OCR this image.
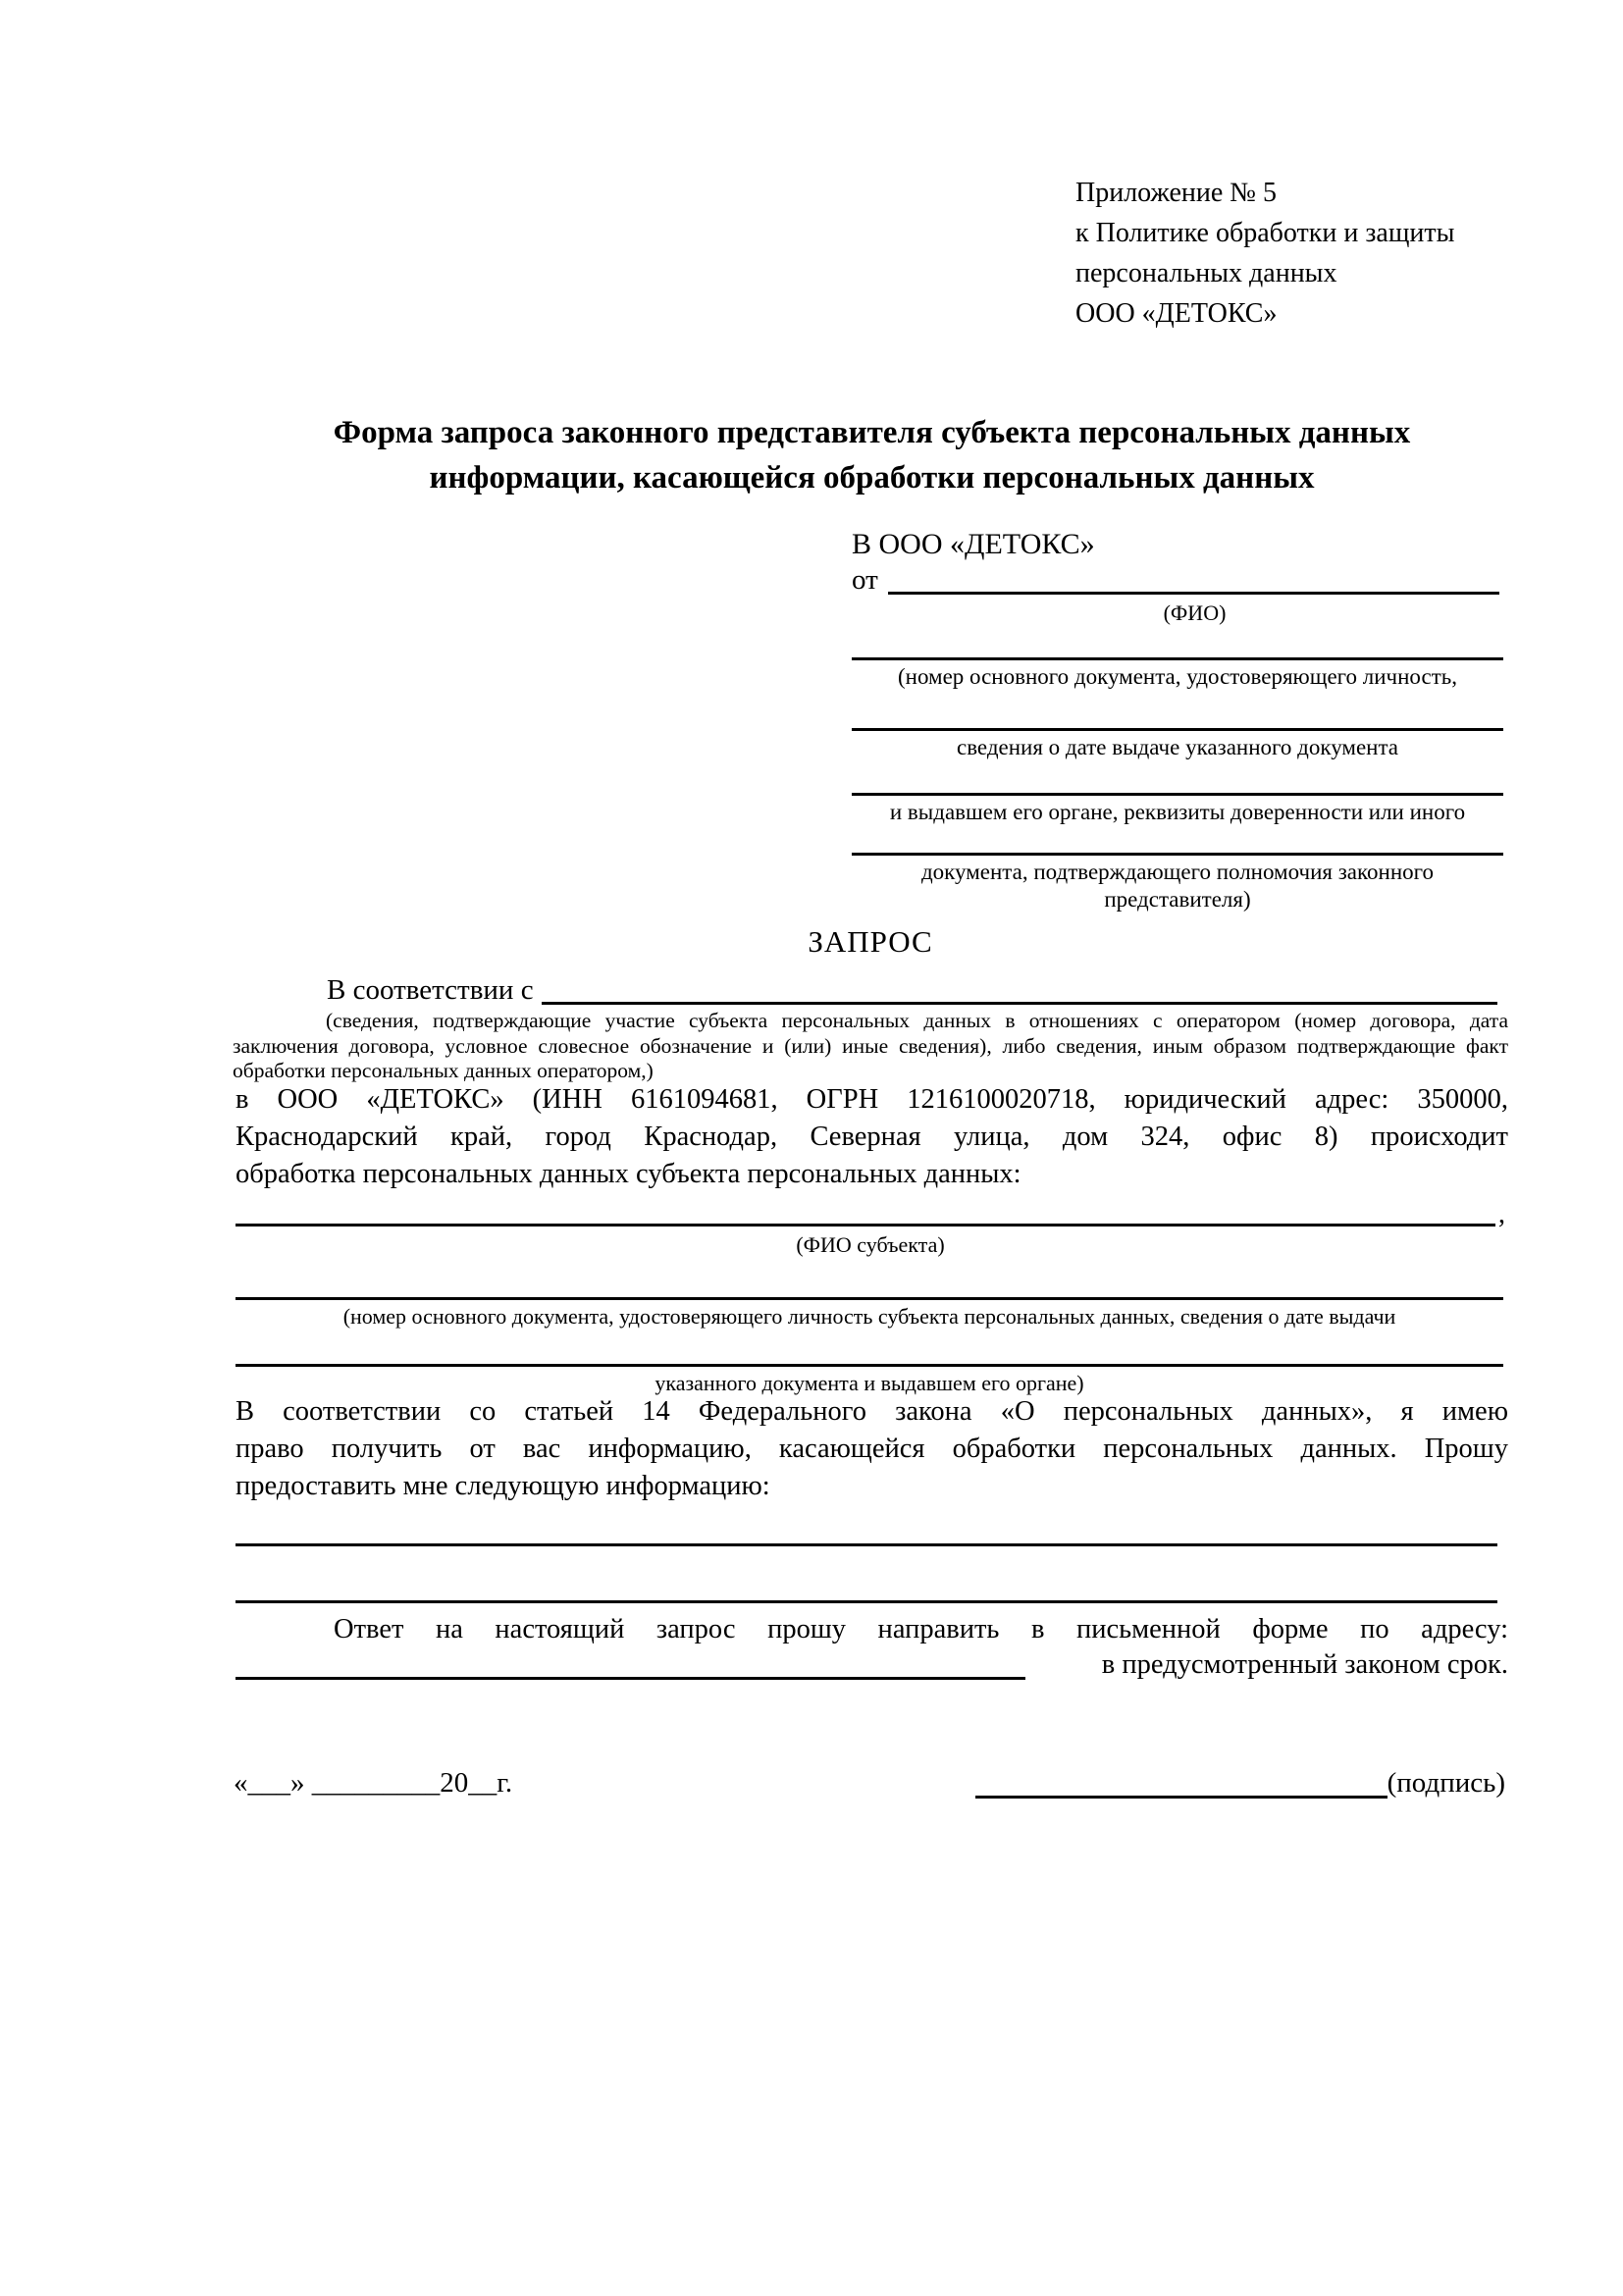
Приложение № 5
к Политике обработки и защиты
персональных данных
ООО «ДЕТОКС»
Форма запроса законного представителя субъекта персональных данных
информации, касающейся обработки персональных данных
В ООО «ДЕТОКС»
от
(ФИО)
(номер основного документа, удостоверяющего личность,
сведения о дате выдаче указанного документа
и выдавшем его органе, реквизиты доверенности или иного
документа, подтверждающего полномочия законного представителя)
ЗАПРОС
В соответствии с
(сведения, подтверждающие участие субъекта персональных данных в отношениях с оператором (номер договора, дата
заключения договора, условное словесное обозначение и (или) иные сведения), либо сведения, иным образом подтверждающие факт
обработки персональных данных оператором,)
в ООО «ДЕТОКС» (ИНН 6161094681, ОГРН 1216100020718, юридический адрес: 350000,
Краснодарский край, город Краснодар, Северная улица, дом 324, офис 8) происходит
обработка персональных данных субъекта персональных данных:
,
(ФИО субъекта)
(номер основного документа, удостоверяющего личность субъекта персональных данных, сведения о дате выдачи
указанного документа и выдавшем его органе)
В соответствии со статьей 14 Федерального закона «О персональных данных», я имею
право получить от вас информацию, касающейся обработки персональных данных. Прошу
предоставить мне следующую информацию:
Ответ на настоящий запрос прошу направить в письменной форме по адресу:
в предусмотренный законом срок.
«___» _________20__г.	(подпись)
